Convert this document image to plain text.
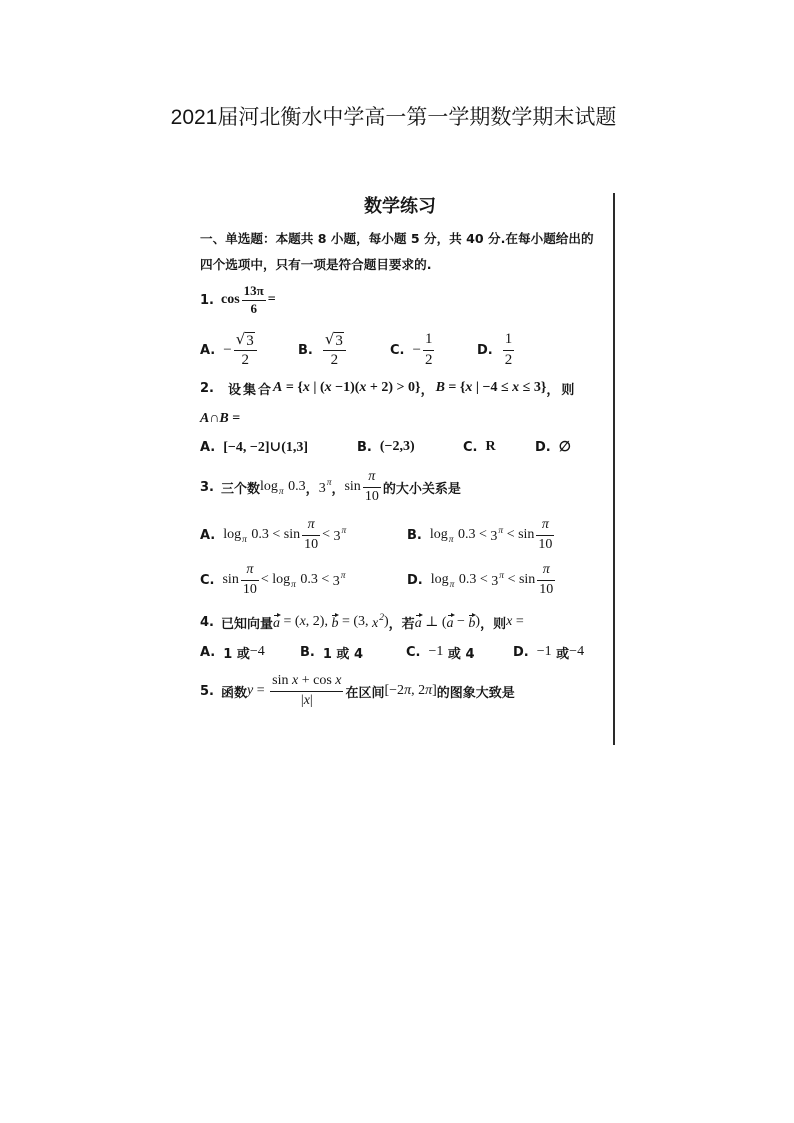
2021届河北衡水中学高一第一学期数学期末试题
数学练习
一、单选题：本题共 8 小题，每小题 5 分，共 40 分.在每小题给出的
四个选项中，只有一项是符合题目要求的.
1. $\cos \frac{13\pi}{6}$ =
A. − $\frac{√ 3}{2}$	B. $\frac{√ 3}{2}$	C. − $\frac{1}{2}$	D. $\frac{1}{2}$
2.	设集合 A = { x | ( x −1)( x + 2) > 0} ， B = { x | −4 ≤ x ≤ 3} ，则
A ∩ B =
A. [−4, −2]∪(1,3]	B. (−2,3)	C. R	D. ∅
3. 三个数 $\log_\pi 0.3$ ， $3^\pi$ ， $\sin \frac{\pi}{10}$ 的大小关系是
A. $\log_\pi 0.3 < \sin \frac{\pi}{10} < 3^\pi$	B. $\log_\pi 0.3 < 3^\pi < \sin \frac{\pi}{10}$
C. $\sin \frac{\pi}{10} < \log_\pi 0.3 < 3^\pi$	D. $\log_\pi 0.3 < 3^\pi < \sin \frac{\pi}{10}$
4. 已知向量 a = ( x , 2), b = (3, $x^2$ ) ，若 a ⊥ ( a − b ) ，则 x =
A. 1 或 −4	B. 1 或 4	C. −1 或 4	D. −1 或 −4
5. 函数 $y = \frac{\text{sin x + cos x}}{| x |}$ 在区间 [−2 π , 2 π ] 的图象大致是
